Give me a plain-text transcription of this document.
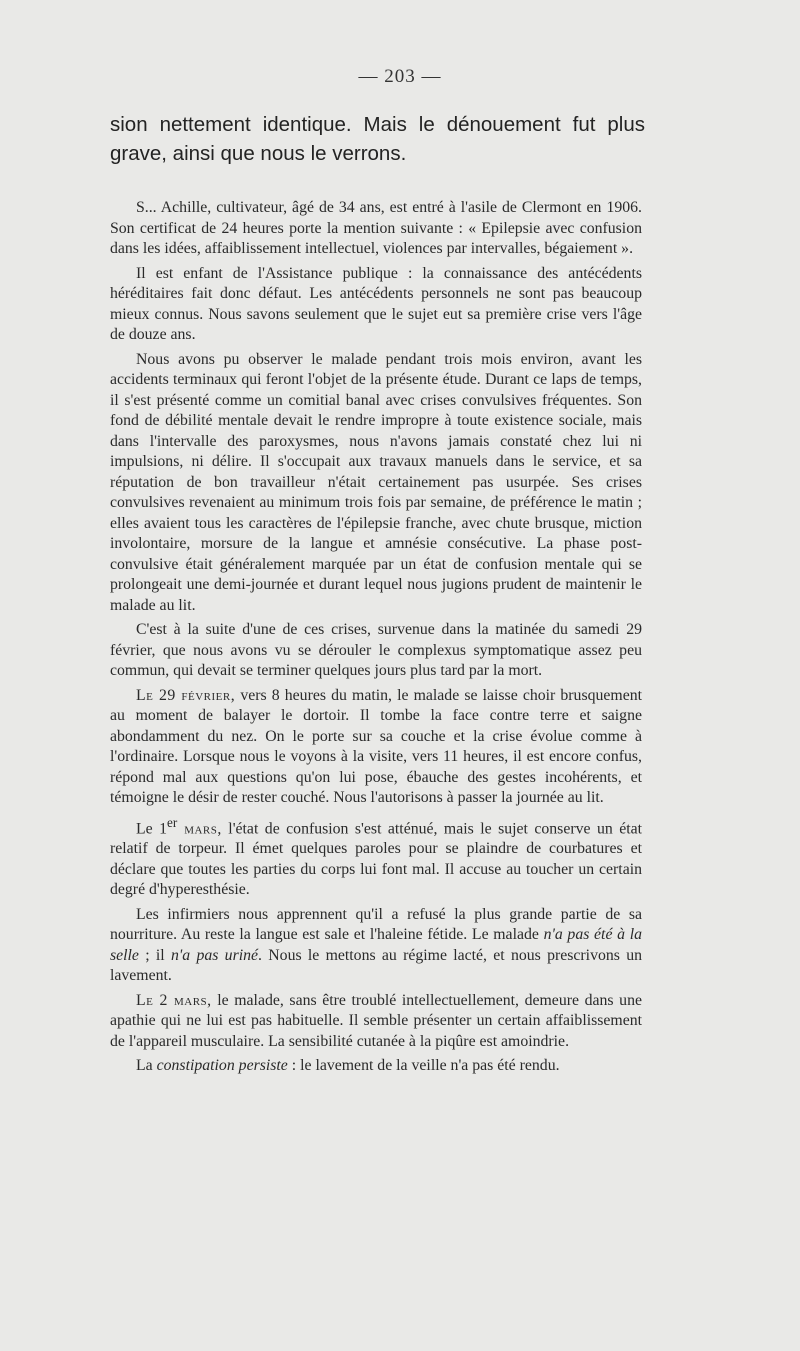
— 203 —
sion nettement identique. Mais le dénouement fut plus grave, ainsi que nous le verrons.

S... Achille, cultivateur, âgé de 34 ans, est entré à l'asile de Clermont en 1906. Son certificat de 24 heures porte la mention suivante : « Epilepsie avec confusion dans les idées, affaiblissement intellectuel, violences par intervalles, bégaiement ».

Il est enfant de l'Assistance publique : la connaissance des antécédents héréditaires fait donc défaut. Les antécédents personnels ne sont pas beaucoup mieux connus. Nous savons seulement que le sujet eut sa première crise vers l'âge de douze ans.

Nous avons pu observer le malade pendant trois mois environ, avant les accidents terminaux qui feront l'objet de la présente étude. Durant ce laps de temps, il s'est présenté comme un comitial banal avec crises convulsives fréquentes. Son fond de débilité mentale devait le rendre impropre à toute existence sociale, mais dans l'intervalle des paroxysmes, nous n'avons jamais constaté chez lui ni impulsions, ni délire. Il s'occupait aux travaux manuels dans le service, et sa réputation de bon travailleur n'était certainement pas usurpée. Ses crises convulsives revenaient au minimum trois fois par semaine, de préférence le matin ; elles avaient tous les caractères de l'épilepsie franche, avec chute brusque, miction involontaire, morsure de la langue et amnésie consécutive. La phase post-convulsive était généralement marquée par un état de confusion mentale qui se prolongeait une demi-journée et durant lequel nous jugions prudent de maintenir le malade au lit.

C'est à la suite d'une de ces crises, survenue dans la matinée du samedi 29 février, que nous avons vu se dérouler le complexus symptomatique assez peu commun, qui devait se terminer quelques jours plus tard par la mort.

Le 29 février, vers 8 heures du matin, le malade se laisse choir brusquement au moment de balayer le dortoir. Il tombe la face contre terre et saigne abondamment du nez. On le porte sur sa couche et la crise évolue comme à l'ordinaire. Lorsque nous le voyons à la visite, vers 11 heures, il est encore confus, répond mal aux questions qu'on lui pose, ébauche des gestes incohérents, et témoigne le désir de rester couché. Nous l'autorisons à passer la journée au lit.

Le 1er mars, l'état de confusion s'est atténué, mais le sujet conserve un état relatif de torpeur. Il émet quelques paroles pour se plaindre de courbatures et déclare que toutes les parties du corps lui font mal. Il accuse au toucher un certain degré d'hyperesthésie.

Les infirmiers nous apprennent qu'il a refusé la plus grande partie de sa nourriture. Au reste la langue est sale et l'haleine fétide. Le malade n'a pas été à la selle ; il n'a pas uriné. Nous le mettons au régime lacté, et nous prescrivons un lavement.

Le 2 mars, le malade, sans être troublé intellectuellement, demeure dans une apathie qui ne lui est pas habituelle. Il semble présenter un certain affaiblissement de l'appareil musculaire. La sensibilité cutanée à la piqûre est amoindrie.

La constipation persiste : le lavement de la veille n'a pas été rendu.
